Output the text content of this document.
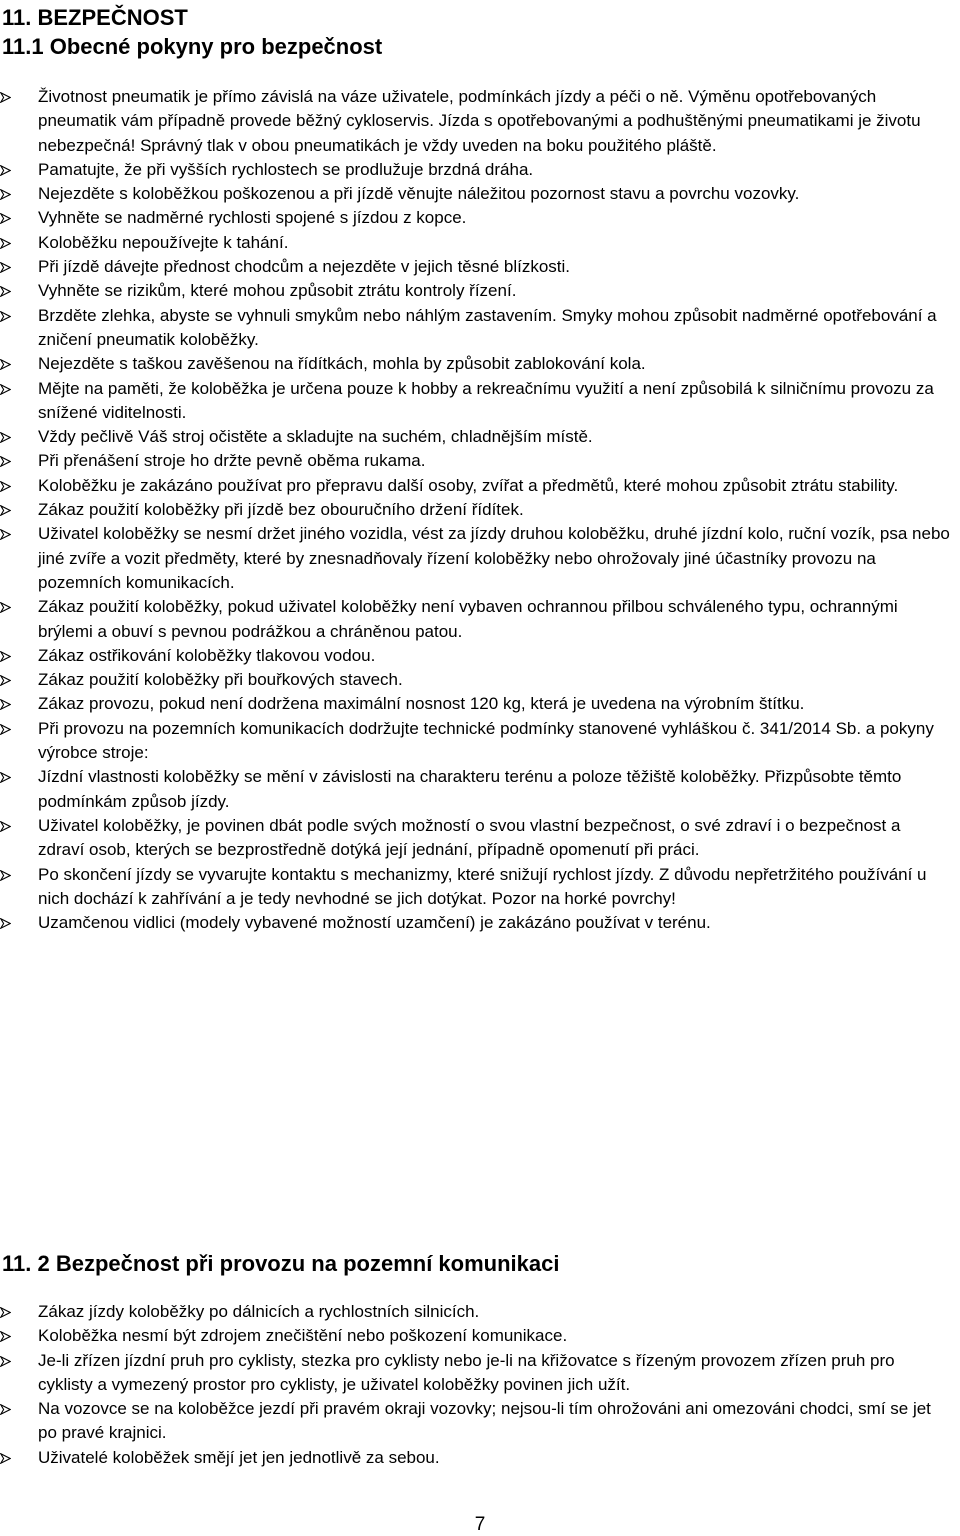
11. BEZPEČNOST
11.1 Obecné pokyny pro bezpečnost
Životnost pneumatik je přímo závislá na váze uživatele, podmínkách jízdy a péči o ně. Výměnu opotřebovaných pneumatik vám případně provede běžný cykloservis. Jízda s opotřebovanými a podhuštěnými pneumatikami je životu nebezpečná! Správný tlak v obou pneumatikách je vždy uveden na boku použitého pláště.
Pamatujte, že při vyšších rychlostech se prodlužuje brzdná dráha.
Nejezděte s koloběžkou poškozenou a při jízdě věnujte náležitou pozornost stavu a povrchu vozovky.
Vyhněte se nadměrné rychlosti spojené s jízdou z kopce.
Koloběžku nepoužívejte k tahání.
Při jízdě dávejte přednost chodcům a nejezděte v jejich těsné blízkosti.
Vyhněte se rizikům, které mohou způsobit ztrátu kontroly řízení.
Brzděte zlehka, abyste se vyhnuli smykům nebo náhlým zastavením. Smyky mohou způsobit nadměrné opotřebování a zničení pneumatik koloběžky.
Nejezděte s taškou zavěšenou na řídítkách, mohla by způsobit zablokování kola.
Mějte na paměti, že koloběžka je určena pouze k hobby a rekreačnímu využití a není způsobilá k silničnímu provozu za snížené viditelnosti.
Vždy pečlivě Váš stroj očistěte a skladujte na suchém, chladnějším místě.
Při přenášení stroje ho držte pevně oběma rukama.
Koloběžku je zakázáno používat pro přepravu další osoby, zvířat a předmětů, které mohou způsobit ztrátu stability.
Zákaz použití koloběžky při jízdě bez obouručního držení řídítek.
Uživatel koloběžky se nesmí držet jiného vozidla, vést za jízdy druhou koloběžku, druhé jízdní kolo, ruční vozík, psa nebo jiné zvíře a vozit předměty, které by znesnadňovaly řízení koloběžky nebo ohrožovaly jiné účastníky provozu na pozemních komunikacích.
Zákaz použití koloběžky, pokud uživatel koloběžky není vybaven ochrannou přilbou schváleného typu, ochrannými brýlemi a obuví s pevnou podrážkou a chráněnou patou.
Zákaz ostřikování koloběžky tlakovou vodou.
Zákaz použití koloběžky při bouřkových stavech.
Zákaz provozu, pokud není dodržena maximální nosnost 120 kg, která je uvedena na výrobním štítku.
Při provozu na pozemních komunikacích dodržujte technické podmínky stanovené vyhláškou č. 341/2014 Sb. a pokyny výrobce stroje:
Jízdní vlastnosti koloběžky se mění v závislosti na charakteru terénu a poloze těžiště koloběžky. Přizpůsobte těmto podmínkám způsob jízdy.
Uživatel koloběžky, je povinen dbát podle svých možností o svou vlastní bezpečnost, o své zdraví i o bezpečnost a zdraví osob, kterých se bezprostředně dotýká její jednání, případně opomenutí při práci.
Po skončení jízdy se vyvarujte kontaktu s mechanizmy, které snižují rychlost jízdy. Z důvodu nepřetržitého používání u nich dochází k zahřívání a je tedy nevhodné se jich dotýkat. Pozor na horké povrchy!
Uzamčenou vidlici (modely vybavené možností uzamčení) je zakázáno používat v terénu.
11. 2 Bezpečnost při provozu na pozemní komunikaci
Zákaz jízdy koloběžky po dálnicích a rychlostních silnicích.
Koloběžka nesmí být zdrojem znečištění nebo poškození komunikace.
Je-li zřízen jízdní pruh pro cyklisty, stezka pro cyklisty nebo je-li na křižovatce s řízeným provozem zřízen pruh pro cyklisty a vymezený prostor pro cyklisty, je uživatel koloběžky povinen jich užít.
Na vozovce se na koloběžce jezdí při pravém okraji vozovky; nejsou-li tím ohrožováni ani omezováni chodci, smí se jet po pravé krajnici.
Uživatelé koloběžek smějí jet jen jednotlivě za sebou.
7
